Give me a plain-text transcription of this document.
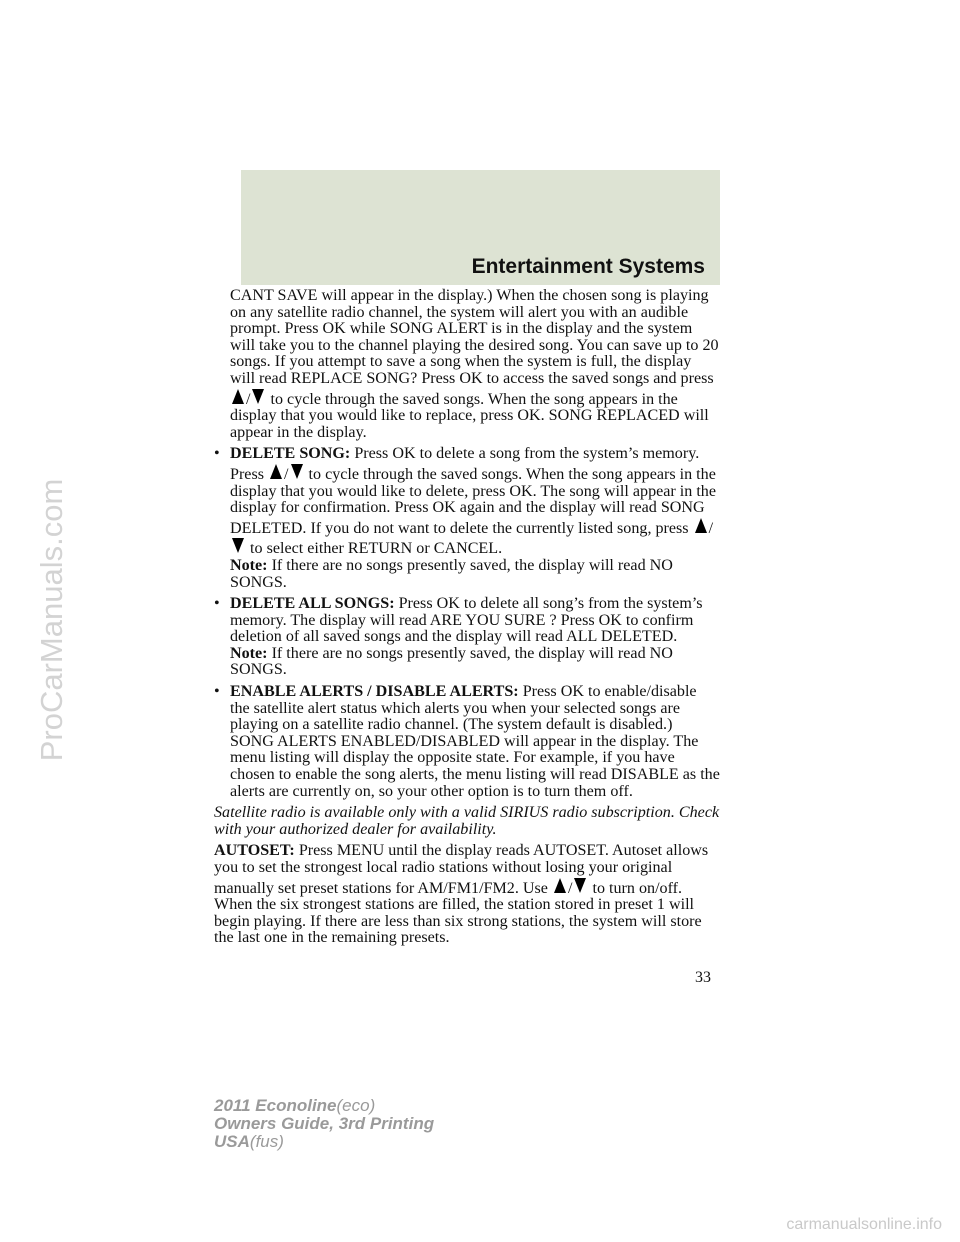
Entertainment Systems
ProCarManuals.com

CANT SAVE will appear in the display.) When the chosen song is playing on any satellite radio channel, the system will alert you with an audible prompt. Press OK while SONG ALERT is in the display and the system will take you to the channel playing the desired song. You can save up to 20 songs. If you attempt to save a song when the system is full, the display will read REPLACE SONG? Press OK to access the saved songs and press / to cycle through the saved songs. When the song appears in the display that you would like to replace, press OK. SONG REPLACED will appear in the display.

• DELETE SONG: Press OK to delete a song from the system’s memory. Press / to cycle through the saved songs. When the song appears in the display that you would like to delete, press OK. The song will appear in the display for confirmation. Press OK again and the display will read SONG DELETED. If you do not want to delete the currently listed song, press / to select either RETURN or CANCEL.

Note: If there are no songs presently saved, the display will read NO SONGS.

• DELETE ALL SONGS: Press OK to delete all song’s from the system’s memory. The display will read ARE YOU SURE ? Press OK to confirm deletion of all saved songs and the display will read ALL DELETED.

Note: If there are no songs presently saved, the display will read NO SONGS.

• ENABLE ALERTS / DISABLE ALERTS: Press OK to enable/disable the satellite alert status which alerts you when your selected songs are playing on a satellite radio channel. (The system default is disabled.) SONG ALERTS ENABLED/DISABLED will appear in the display. The menu listing will display the opposite state. For example, if you have chosen to enable the song alerts, the menu listing will read DISABLE as the alerts are currently on, so your other option is to turn them off.

Satellite radio is available only with a valid SIRIUS radio subscription. Check with your authorized dealer for availability.

AUTOSET: Press MENU until the display reads AUTOSET. Autoset allows you to set the strongest local radio stations without losing your original manually set preset stations for AM/FM1/FM2. Use / to turn on/off.

When the six strongest stations are filled, the station stored in preset 1 will begin playing. If there are less than six strong stations, the system will store the last one in the remaining presets.

33
2011 Econoline(eco)
Owners Guide, 3rd Printing
USA(fus)
carmanualsonline.info
